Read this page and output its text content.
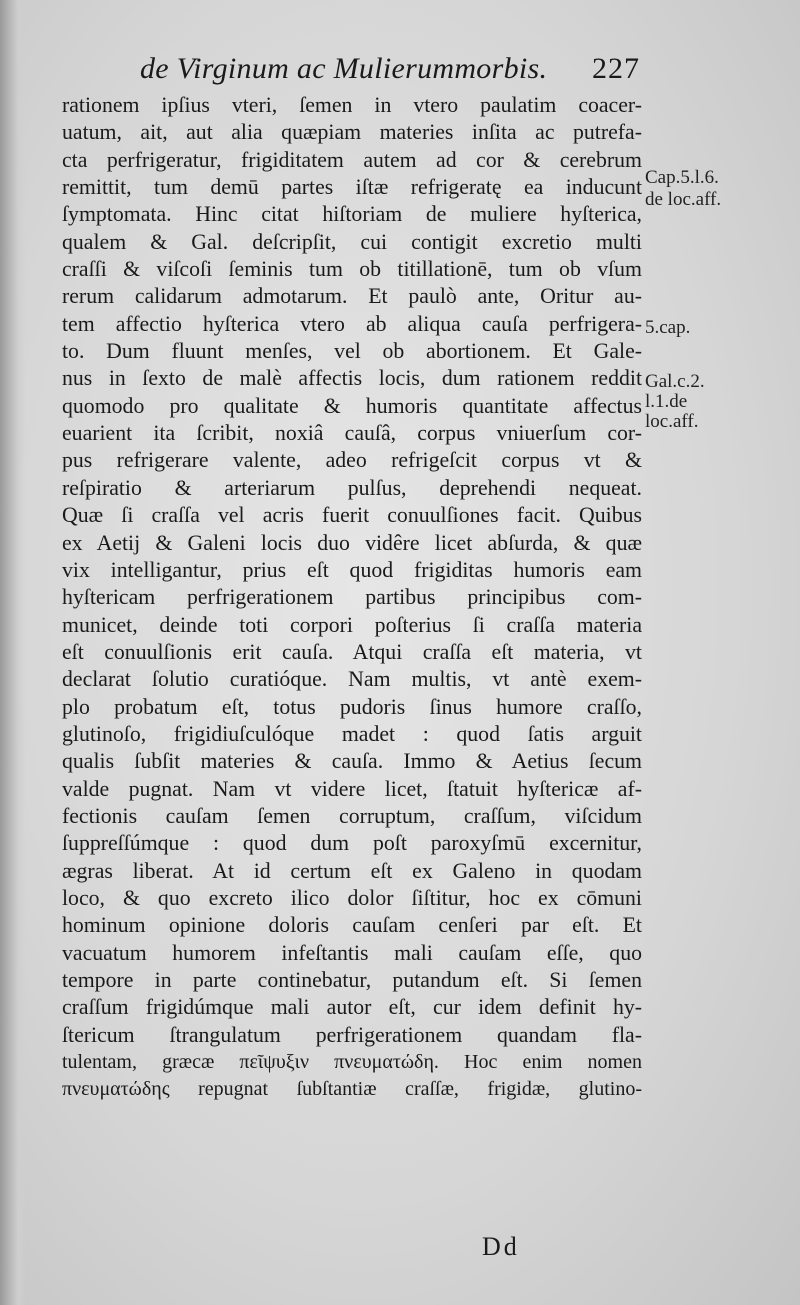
de Virginum ac Mulierummorbis. 227
rationem ipſius vteri, ſemen in vtero paulatim coacer-
uatum, ait, aut alia quæpiam materies inſita ac putrefa-
cta perfrigeratur, frigiditatem autem ad cor & cerebrum
remittit, tum demū partes iſtæ refrigeratę ea inducunt
ſymptomata. Hinc citat hiſtoriam de muliere hyſterica,
qualem & Gal. deſcripſit, cui contigit excretio multi
craſſi & viſcoſi ſeminis tum ob titillationē, tum ob vſum
rerum calidarum admotarum. Et paulò ante, Oritur au-
tem affectio hyſterica vtero ab aliqua cauſa perfrigera-
to. Dum fluunt menſes, vel ob abortionem. Et Gale-
nus in ſexto de malè affectis locis, dum rationem reddit
quomodo pro qualitate & humoris quantitate affectus
euarient ita ſcribit, noxiâ cauſâ, corpus vniuerſum cor-
pus refrigerare valente, adeo refrigeſcit corpus vt &
reſpiratio & arteriarum pulſus, deprehendi nequeat.
Quæ ſi craſſa vel acris fuerit conuulſiones facit. Quibus
ex Aetij & Galeni locis duo vidêre licet abſurda, & quæ
vix intelligantur, prius eſt quod frigiditas humoris eam
hyſtericam perfrigerationem partibus principibus com-
municet, deinde toti corpori poſterius ſi craſſa materia
eſt conuulſionis erit cauſa. Atqui craſſa eſt materia, vt
declarat ſolutio curatióque. Nam multis, vt antè exem-
plo probatum eſt, totus pudoris ſinus humore craſſo,
glutinoſo, frigidiuſculóque madet : quod ſatis arguit
qualis ſubſit materies & cauſa. Immo & Aetius ſecum
valde pugnat. Nam vt videre licet, ſtatuit hyſtericæ af-
fectionis cauſam ſemen corruptum, craſſum, viſcidum
ſuppreſſúmque : quod dum poſt paroxyſmū excernitur,
ægras liberat. At id certum eſt ex Galeno in quodam
loco, & quo excreto ilico dolor ſiſtitur, hoc ex cōmuni
hominum opinione doloris cauſam cenſeri par eſt. Et
vacuatum humorem infeſtantis mali cauſam eſſe, quo
tempore in parte continebatur, putandum eſt. Si ſemen
craſſum frigidúmque mali autor eſt, cur idem definit hy-
ſtericum ſtrangulatum perfrigerationem quandam fla-
tulentam, græcæ πεῖψυξιν πνευματώδη. Hoc enim nomen
πνευματώδης repugnat ſubſtantiæ craſſæ, frigidæ, glutino-
Cap.5.l.6.
de loc.aff.
5.cap.
Gal.c.2.
l.1.de
loc.aff.
Dd
